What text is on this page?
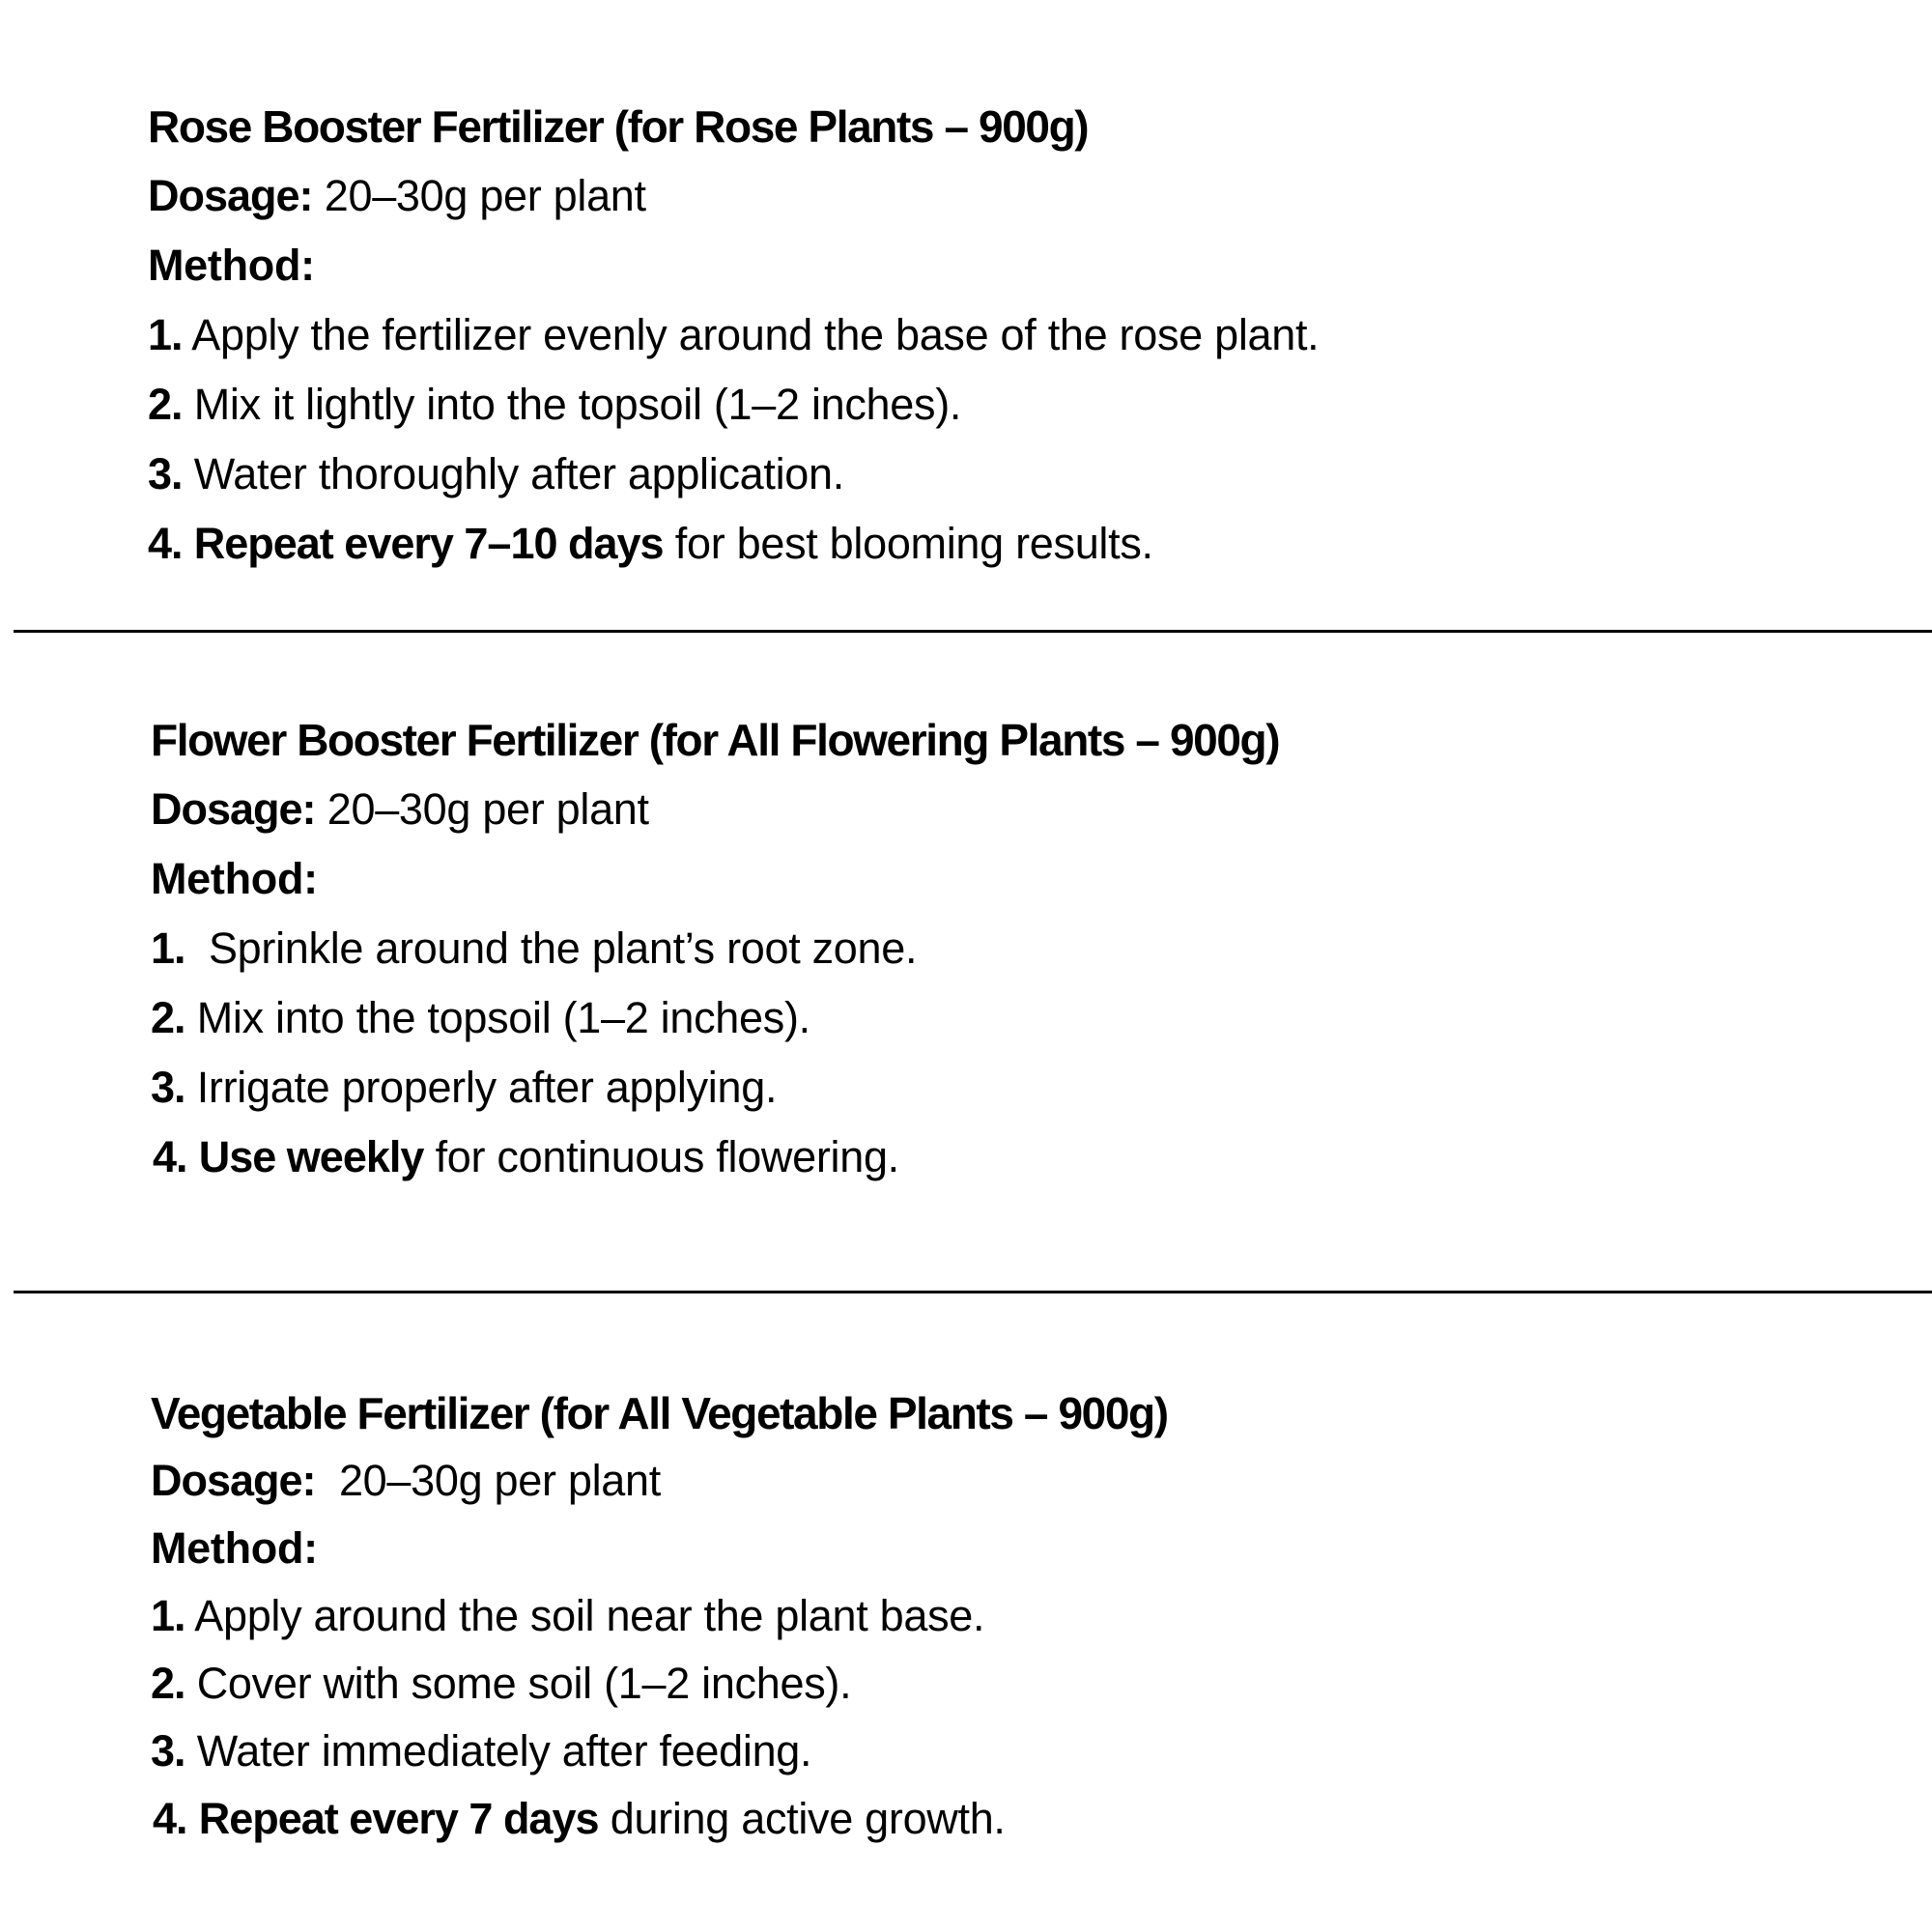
Rose Booster Fertilizer (for Rose Plants – 900g)
Dosage: 20–30g per plant
Method:
1. Apply the fertilizer evenly around the base of the rose plant.
2. Mix it lightly into the topsoil (1–2 inches).
3. Water thoroughly after application.
4. Repeat every 7–10 days for best blooming results.
Flower Booster Fertilizer (for All Flowering Plants – 900g)
Dosage: 20–30g per plant
Method:
1. Sprinkle around the plant’s root zone.
2. Mix into the topsoil (1–2 inches).
3. Irrigate properly after applying.
4. Use weekly for continuous flowering.
Vegetable Fertilizer (for All Vegetable Plants – 900g)
Dosage: 20–30g per plant
Method:
1. Apply around the soil near the plant base.
2. Cover with some soil (1–2 inches).
3. Water immediately after feeding.
4. Repeat every 7 days during active growth.
